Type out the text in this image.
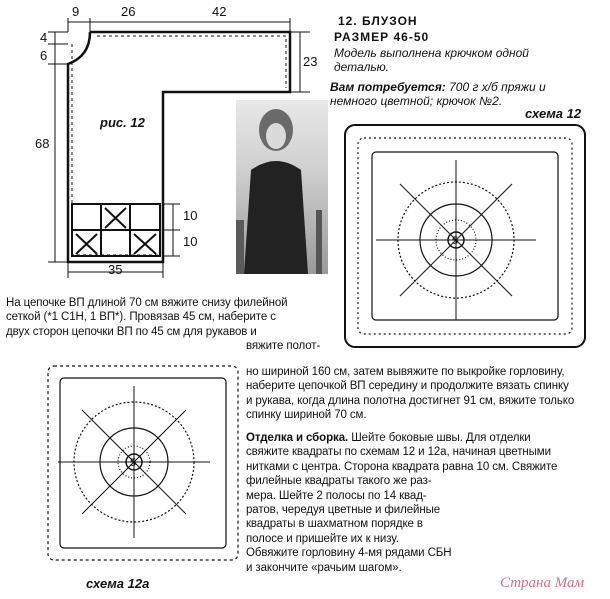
9	26	42
4
6	23
68
10
10
35
рис. 12
12. БЛУЗОН
РАЗМЕР 46-50
Модель выполнена крючком одной деталью.
Вам потребуется: 700 г х/б пряжи и немного цветной; крючок №2.
схема 12
5
5
схема 12а
На цепочке ВП длиной 70 см вяжите снизу филейной
сеткой (*1 С1Н, 1 ВП*). Провязав 45 см, наберите с
двух сторон цепочки ВП по 45 см для рукавов и
вяжите полот-
но шириной 160 см, затем вывяжите по выкройке горловину,
наберите цепочкой ВП середину и продолжите вязать спинку
и рукава, когда длина полотна достигнет 91 см, вяжите только
спинку шириной 70 см.
Отделка и сборка. Шейте боковые швы. Для отделки
свяжите квадраты по схемам 12 и 12а, начиная цветными
нитками с центра. Сторона квадрата равна 10 см. Свяжите
филейные квадраты такого же раз-
мера. Шейте 2 полосы по 14 квад-
ратов, чередуя цветные и филейные
квадраты в шахматном порядке в
полосе и пришейте их к низу.
Обвяжите горловину 4-мя рядами СБН
и закончите «рачьим шагом».
Страна Мам
